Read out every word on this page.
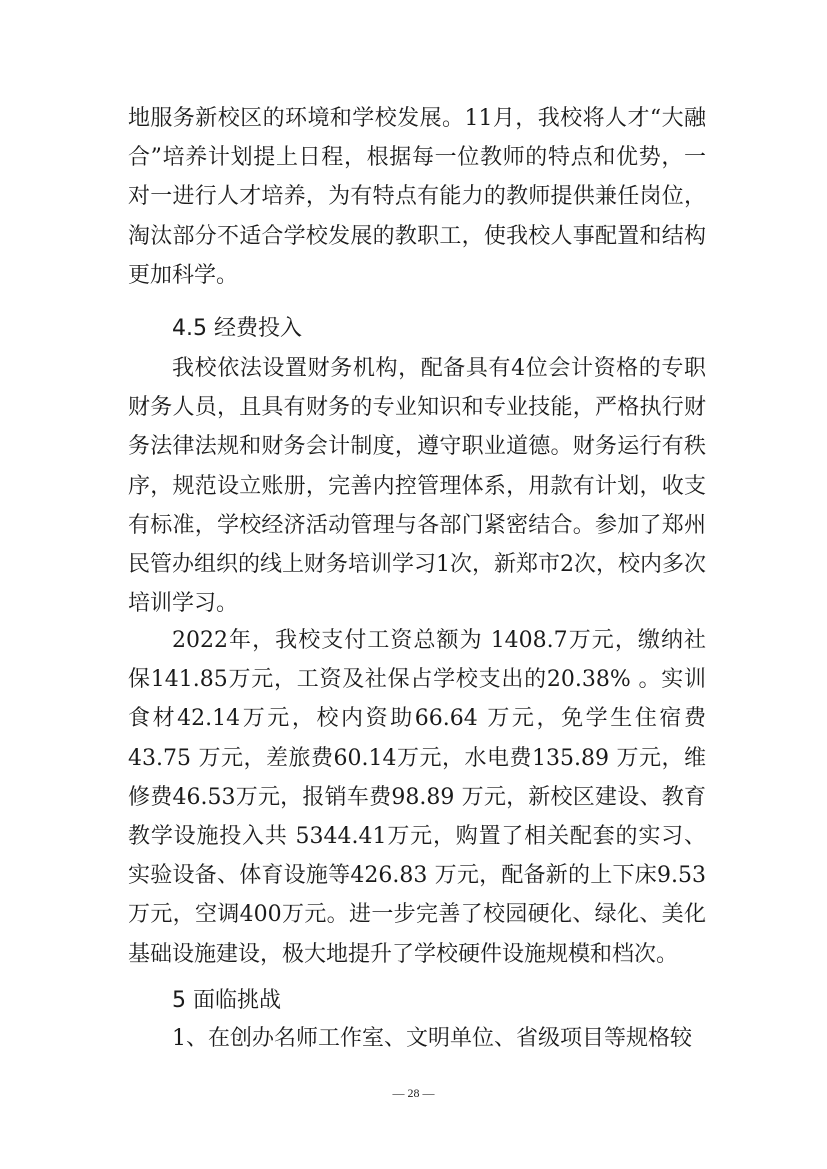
地服务新校区的环境和学校发展。11月，我校将人才“大融合”培养计划提上日程，根据每一位教师的特点和优势，一对一进行人才培养，为有特点有能力的教师提供兼任岗位，淘汰部分不适合学校发展的教职工，使我校人事配置和结构更加科学。

4.5 经费投入

我校依法设置财务机构，配备具有4位会计资格的专职财务人员，且具有财务的专业知识和专业技能，严格执行财务法律法规和财务会计制度，遵守职业道德。财务运行有秩序，规范设立账册，完善内控管理体系，用款有计划，收支有标准，学校经济活动管理与各部门紧密结合。参加了郑州民管办组织的线上财务培训学习1次，新郑市2次，校内多次培训学习。

2022年，我校支付工资总额为 1408.7万元，缴纳社保141.85万元，工资及社保占学校支出的20.38% 。实训食材42.14万元，校内资助66.64 万元，免学生住宿费 43.75 万元，差旅费60.14万元，水电费135.89 万元，维修费46.53万元，报销车费98.89 万元，新校区建设、教育教学设施投入共 5344.41万元，购置了相关配套的实习、实验设备、体育设施等426.83 万元，配备新的上下床9.53 万元，空调400万元。进一步完善了校园硬化、绿化、美化基础设施建设，极大地提升了学校硬件设施规模和档次。

5 面临挑战

1、在创办名师工作室、文明单位、省级项目等规格较

— 28 —
